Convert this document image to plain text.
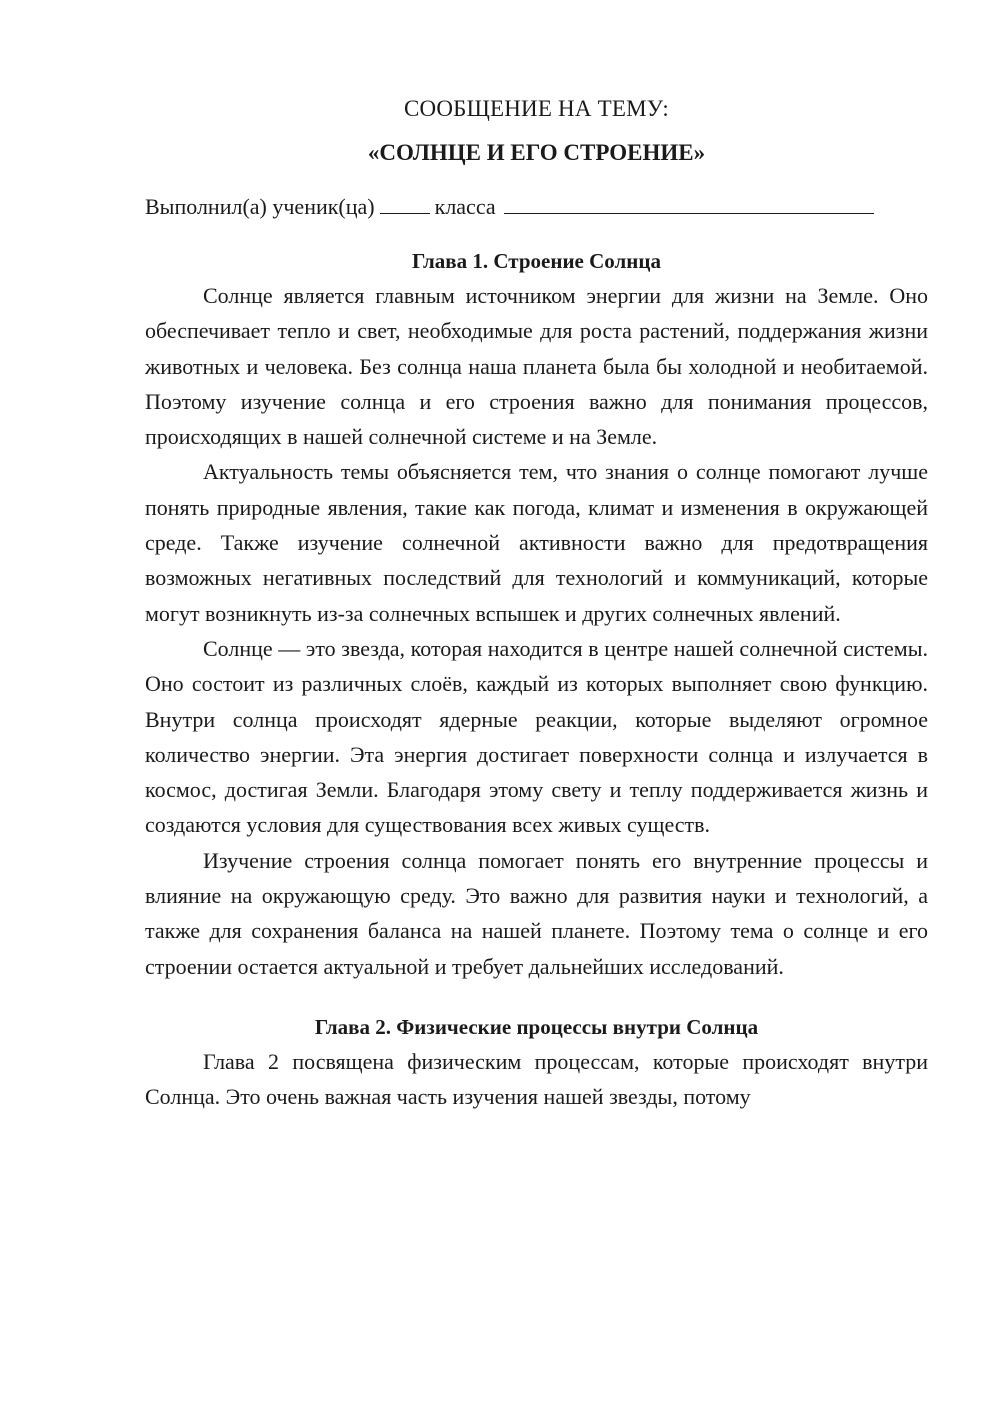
СООБЩЕНИЕ НА ТЕМУ:
«СОЛНЦЕ И ЕГО СТРОЕНИЕ»
Выполнил(а) ученик(ца)	класса
Глава 1. Строение Солнца

Солнце является главным источником энергии для жизни на Земле. Оно обеспечивает тепло и свет, необходимые для роста растений, поддержания жизни животных и человека. Без солнца наша планета была бы холодной и необитаемой. Поэтому изучение солнца и его строения важно для понимания процессов, происходящих в нашей солнечной системе и на Земле.

Актуальность темы объясняется тем, что знания о солнце помогают лучше понять природные явления, такие как погода, климат и изменения в окружающей среде. Также изучение солнечной активности важно для предотвращения возможных негативных последствий для технологий и коммуникаций, которые могут возникнуть из-за солнечных вспышек и других солнечных явлений.

Солнце — это звезда, которая находится в центре нашей солнечной системы. Оно состоит из различных слоёв, каждый из которых выполняет свою функцию. Внутри солнца происходят ядерные реакции, которые выделяют огромное количество энергии. Эта энергия достигает поверхности солнца и излучается в космос, достигая Земли. Благодаря этому свету и теплу поддерживается жизнь и создаются условия для существования всех живых существ.

Изучение строения солнца помогает понять его внутренние процессы и влияние на окружающую среду. Это важно для развития науки и технологий, а также для сохранения баланса на нашей планете. Поэтому тема о солнце и его строении остается актуальной и требует дальнейших исследований.

Глава 2. Физические процессы внутри Солнца

Глава 2 посвящена физическим процессам, которые происходят внутри Солнца. Это очень важная часть изучения нашей звезды, потому
